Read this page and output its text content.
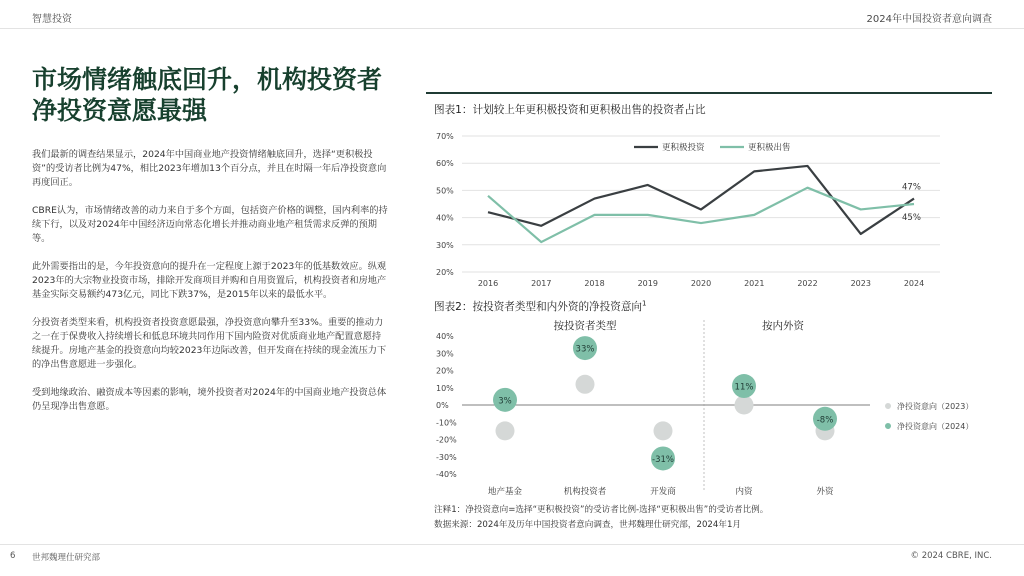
智慧投资	2024年中国投资者意向调查
市场情绪触底回升，机构投资者净投资意愿最强

我们最新的调查结果显示，2024年中国商业地产投资情绪触底回升，选择“更积极投资”的受访者比例为47%，相比2023年增加13个百分点，并且在时隔一年后净投资意向再度回正。

CBRE认为，市场情绪改善的动力来自于多个方面，包括资产价格的调整，国内利率的持续下行，以及对2024年中国经济迈向常态化增长并推动商业地产租赁需求反弹的预期等。

此外需要指出的是，今年投资意向的提升在一定程度上源于2023年的低基数效应。纵观2023年的大宗物业投资市场，排除开发商项目并购和自用资置后，机构投资者和房地产基金实际交易额约473亿元，同比下跌37%，是2015年以来的最低水平。

分投资者类型来看，机构投资者投资意愿最强，净投资意向攀升至33%。重要的推动力之一在于保费收入持续增长和低息环境共同作用下国内险资对优质商业地产配置意愿持续提升。房地产基金的投资意向均较2023年边际改善，但开发商在持续的现金流压力下的净出售意愿进一步强化。

受到地缘政治、融资成本等因素的影响，境外投资者对2024年的中国商业地产投资总体仍呈现净出售意愿。

图表1：计划较上年更积极投资和更积极出售的投资者占比
20%
30%
40%
50%
60%
70%
2016	2017	2018	2019	2020	2021	2022	2023	2024
更积极投资	更积极出售
47%
45%
图表2：按投资者类型和内外资的净投资意向$^1$
40%
30%
20%
10%
0%
-10%
-20%
-30%
-40%
按投资者类型	按内外资
地产基金	机构投资者	开发商	内资	外资
3%
33%
-31%
11%
-8%
净投资意向（2023）
净投资意向（2024）
注释1：净投资意向=选择“更积极投资”的受访者比例-选择“更积极出售”的受访者比例。
数据来源：2024年及历年中国投资者意向调查，世邦魏理仕研究部，2024年1月
6 世邦魏理仕研究部	© 2024 CBRE, INC.
